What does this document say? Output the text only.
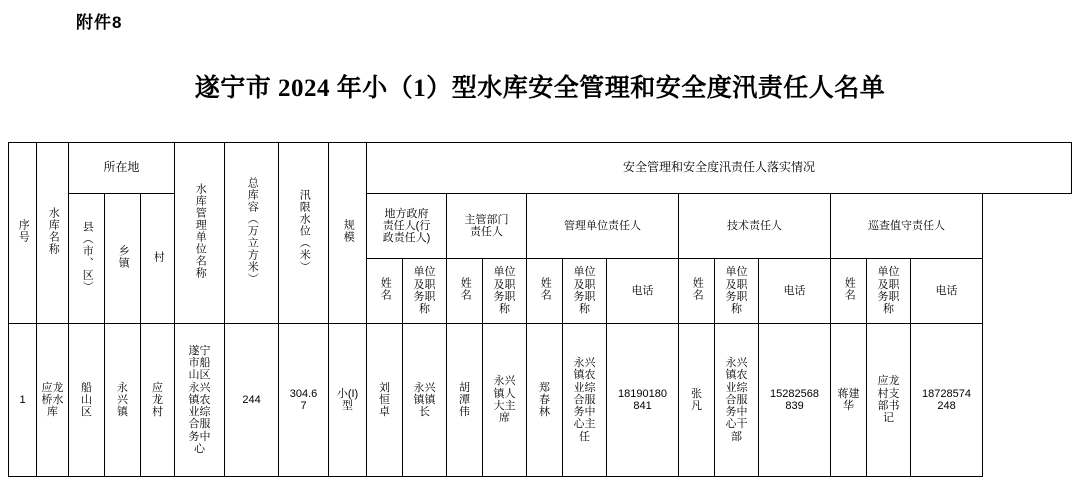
附件8
遂宁市 2024 年小（1）型水库安全管理和安全度汛责任人名单
序号	水库名称	所在地			水库管理单位名称	总库容（万立方米）	汛限水位（米）	规模	安全管理和安全度汛责任人落实情况												
		县（市、区）	乡镇	村					地方政府责任人(行政责任人)		主管部门责任人		管理单位责任人			技术责任人			巡查值守责任人		

									姓名	单位及职务职称	姓名	单位及职务职称	姓名	单位及职务职称	电话	姓名	单位及职务职称	电话	姓名	单位及职务职称	电话
1	应龙桥水库	船山区	永兴镇	应龙村	遂宁市船山区永兴镇农业综合服务中心	244	304.67	小(I)型	刘恒卓	永兴镇镇长	胡潭伟	永兴镇人大主席	郑春林	永兴镇农业综合服务中心主任	18190180841	张凡	永兴镇农业综合服务中心干部	15282568839	蒋建华	应龙村支部书记	18728574248
